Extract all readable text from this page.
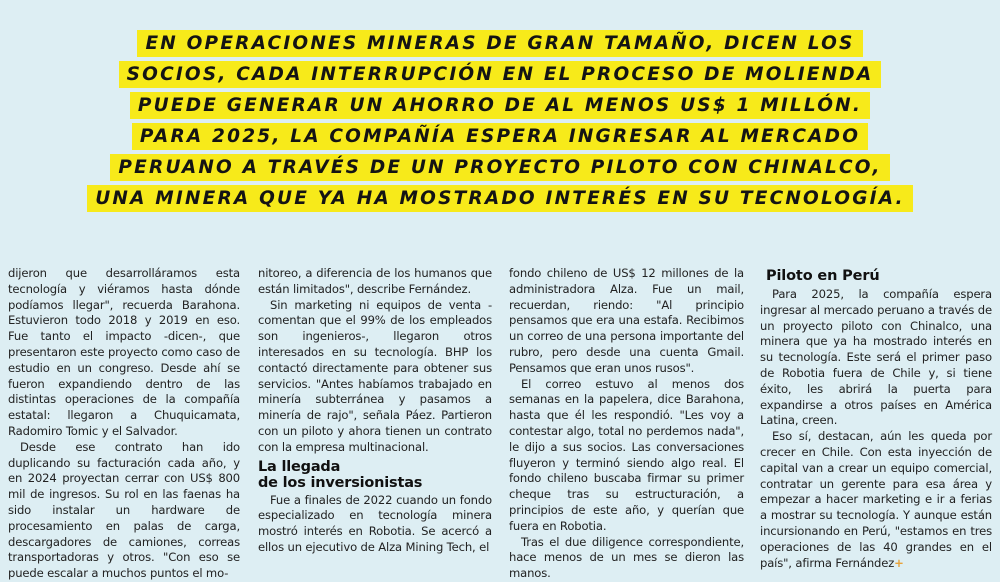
EN OPERACIONES MINERAS DE GRAN TAMAÑO, DICEN LOS
SOCIOS, CADA INTERRUPCIÓN EN EL PROCESO DE MOLIENDA
PUEDE GENERAR UN AHORRO DE AL MENOS US$ 1 MILLÓN.
PARA 2025, LA COMPAÑÍA ESPERA INGRESAR AL MERCADO
PERUANO A TRAVÉS DE UN PROYECTO PILOTO CON CHINALCO,
UNA MINERA QUE YA HA MOSTRADO INTERÉS EN SU TECNOLOGÍA.

dijeron que desarrolláramos esta tecnología y viéramos hasta dónde podíamos llegar", recuerda Barahona. Estuvieron todo 2018 y 2019 en eso. Fue tanto el impacto -dicen-, que presentaron este proyecto como caso de estudio en un congreso. Desde ahí se fueron expandiendo dentro de las distintas operaciones de la compañía estatal: llegaron a Chuquicamata, Radomiro Tomic y el Salvador.

Desde ese contrato han ido duplicando su facturación cada año, y en 2024 proyectan cerrar con US$ 800 mil de ingresos. Su rol en las faenas ha sido instalar un hardware de procesamiento en palas de carga, descargadores de camiones, correas transportadoras y otros. "Con eso se puede escalar a muchos puntos el mo-

nitoreo, a diferencia de los humanos que están limitados", describe Fernández.

Sin marketing ni equipos de venta -comentan que el 99% de los empleados son ingenieros-, llegaron otros interesados en su tecnología. BHP los contactó directamente para obtener sus servicios. "Antes habíamos trabajado en minería subterránea y pasamos a minería de rajo", señala Páez. Partieron con un piloto y ahora tienen un contrato con la empresa multinacional.

La llegada
de los inversionistas

Fue a finales de 2022 cuando un fondo especializado en tecnología minera mostró interés en Robotia. Se acercó a ellos un ejecutivo de Alza Mining Tech, el

fondo chileno de US$ 12 millones de la administradora Alza. Fue un mail, recuerdan, riendo: "Al principio pensamos que era una estafa. Recibimos un correo de una persona importante del rubro, pero desde una cuenta Gmail. Pensamos que eran unos rusos".

El correo estuvo al menos dos semanas en la papelera, dice Barahona, hasta que él les respondió. "Les voy a contestar algo, total no perdemos nada", le dijo a sus socios. Las conversaciones fluyeron y terminó siendo algo real. El fondo chileno buscaba firmar su primer cheque tras su estructuración, a principios de este año, y querían que fuera en Robotia.

Tras el due diligence correspondiente, hace menos de un mes se dieron las manos.

Piloto en Perú

Para 2025, la compañía espera ingresar al mercado peruano a través de un proyecto piloto con Chinalco, una minera que ya ha mostrado interés en su tecnología. Este será el primer paso de Robotia fuera de Chile y, si tiene éxito, les abrirá la puerta para expandirse a otros países en América Latina, creen.

Eso sí, destacan, aún les queda por crecer en Chile. Con esta inyección de capital van a crear un equipo comercial, contratar un gerente para esa área y empezar a hacer marketing e ir a ferias a mostrar su tecnología. Y aunque están incursionando en Perú, "estamos en tres operaciones de las 40 grandes en el país", afirma Fernández+
